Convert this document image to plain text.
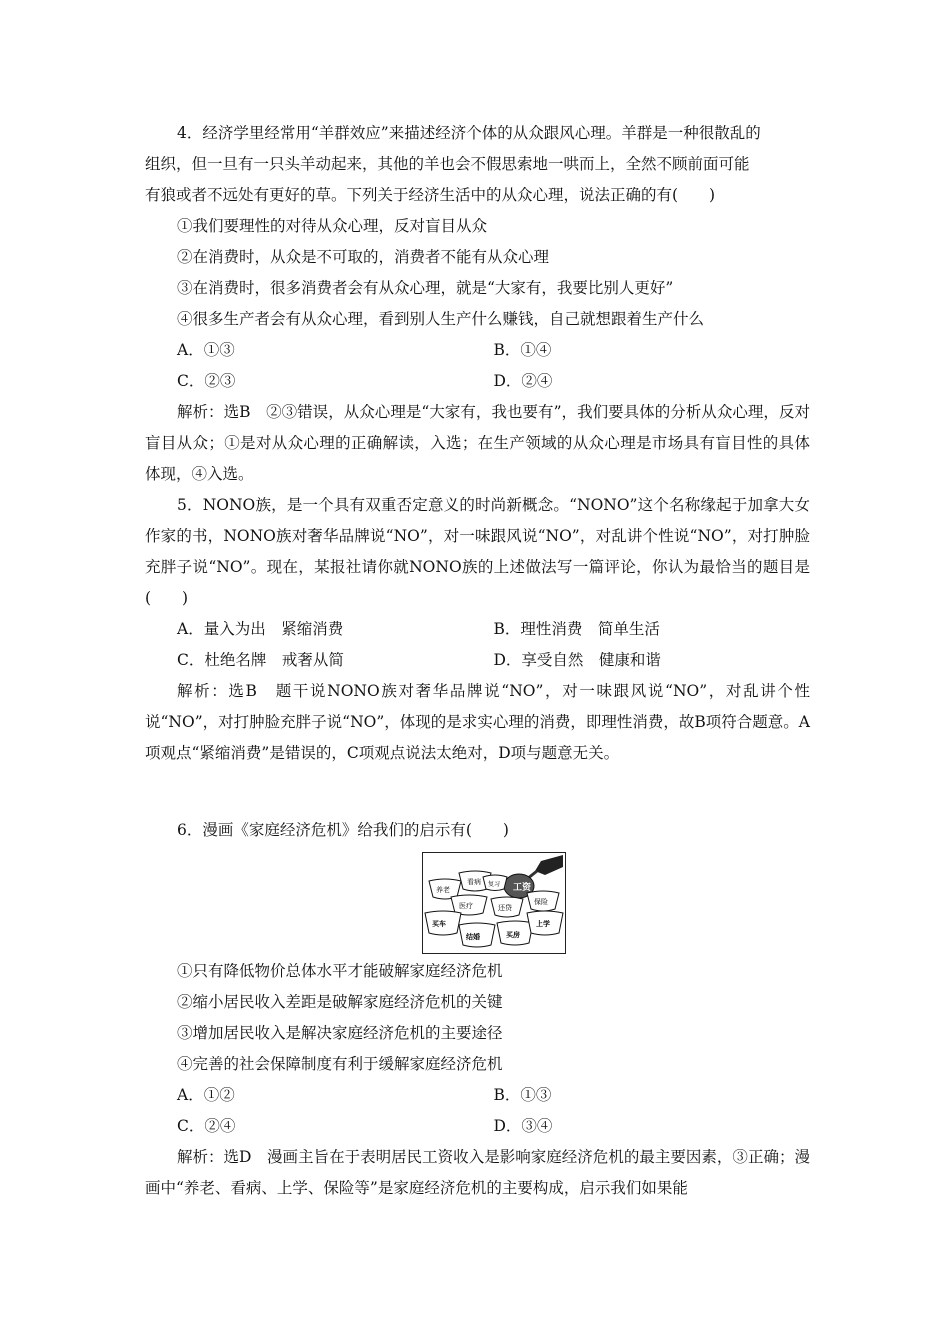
4．经济学里经常用“羊群效应”来描述经济个体的从众跟风心理。羊群是一种很散乱的
组织，但一旦有一只头羊动起来，其他的羊也会不假思索地一哄而上，全然不顾前面可能
有狼或者不远处有更好的草。下列关于经济生活中的从众心理，说法正确的有(　　)
①我们要理性的对待从众心理，反对盲目从众
②在消费时，从众是不可取的，消费者不能有从众心理
③在消费时，很多消费者会有从众心理，就是“大家有，我要比别人更好”
④很多生产者会有从众心理，看到别人生产什么赚钱，自己就想跟着生产什么
A．①③	B．①④
C．②③	D．②④
解析：选B　②③错误，从众心理是“大家有，我也要有”，我们要具体的分析从众心理，反对盲目从众；①是对从众心理的正确解读，入选；在生产领域的从众心理是市场具有盲目性的具体体现，④入选。
5．NONO族，是一个具有双重否定意义的时尚新概念。“NONO”这个名称缘起于加拿大女作家的书，NONO族对奢华品牌说“NO”，对一味跟风说“NO”，对乱讲个性说“NO”，对打肿脸充胖子说“NO”。现在，某报社请你就NONO族的上述做法写一篇评论，你认为最恰当的题目是(　　)
A．量入为出　紧缩消费	B．理性消费　简单生活
C．杜绝名牌　戒奢从简	D．享受自然　健康和谐
解析：选B　题干说NONO族对奢华品牌说“NO”，对一味跟风说“NO”，对乱讲个性说“NO”，对打肿脸充胖子说“NO”，体现的是求实心理的消费，即理性消费，故B项符合题意。A项观点“紧缩消费”是错误的，C项观点说法太绝对，D项与题意无关。
6．漫画《家庭经济危机》给我们的启示有(　　)
工资
养老
看病
保险
医疗	还贷
买车
结婚	买房
上学
复习
①只有降低物价总体水平才能破解家庭经济危机
②缩小居民收入差距是破解家庭经济危机的关键
③增加居民收入是解决家庭经济危机的主要途径
④完善的社会保障制度有利于缓解家庭经济危机
A．①②	B．①③
C．②④	D．③④
解析：选D　漫画主旨在于表明居民工资收入是影响家庭经济危机的最主要因素，③正确；漫画中“养老、看病、上学、保险等”是家庭经济危机的主要构成，启示我们如果能
